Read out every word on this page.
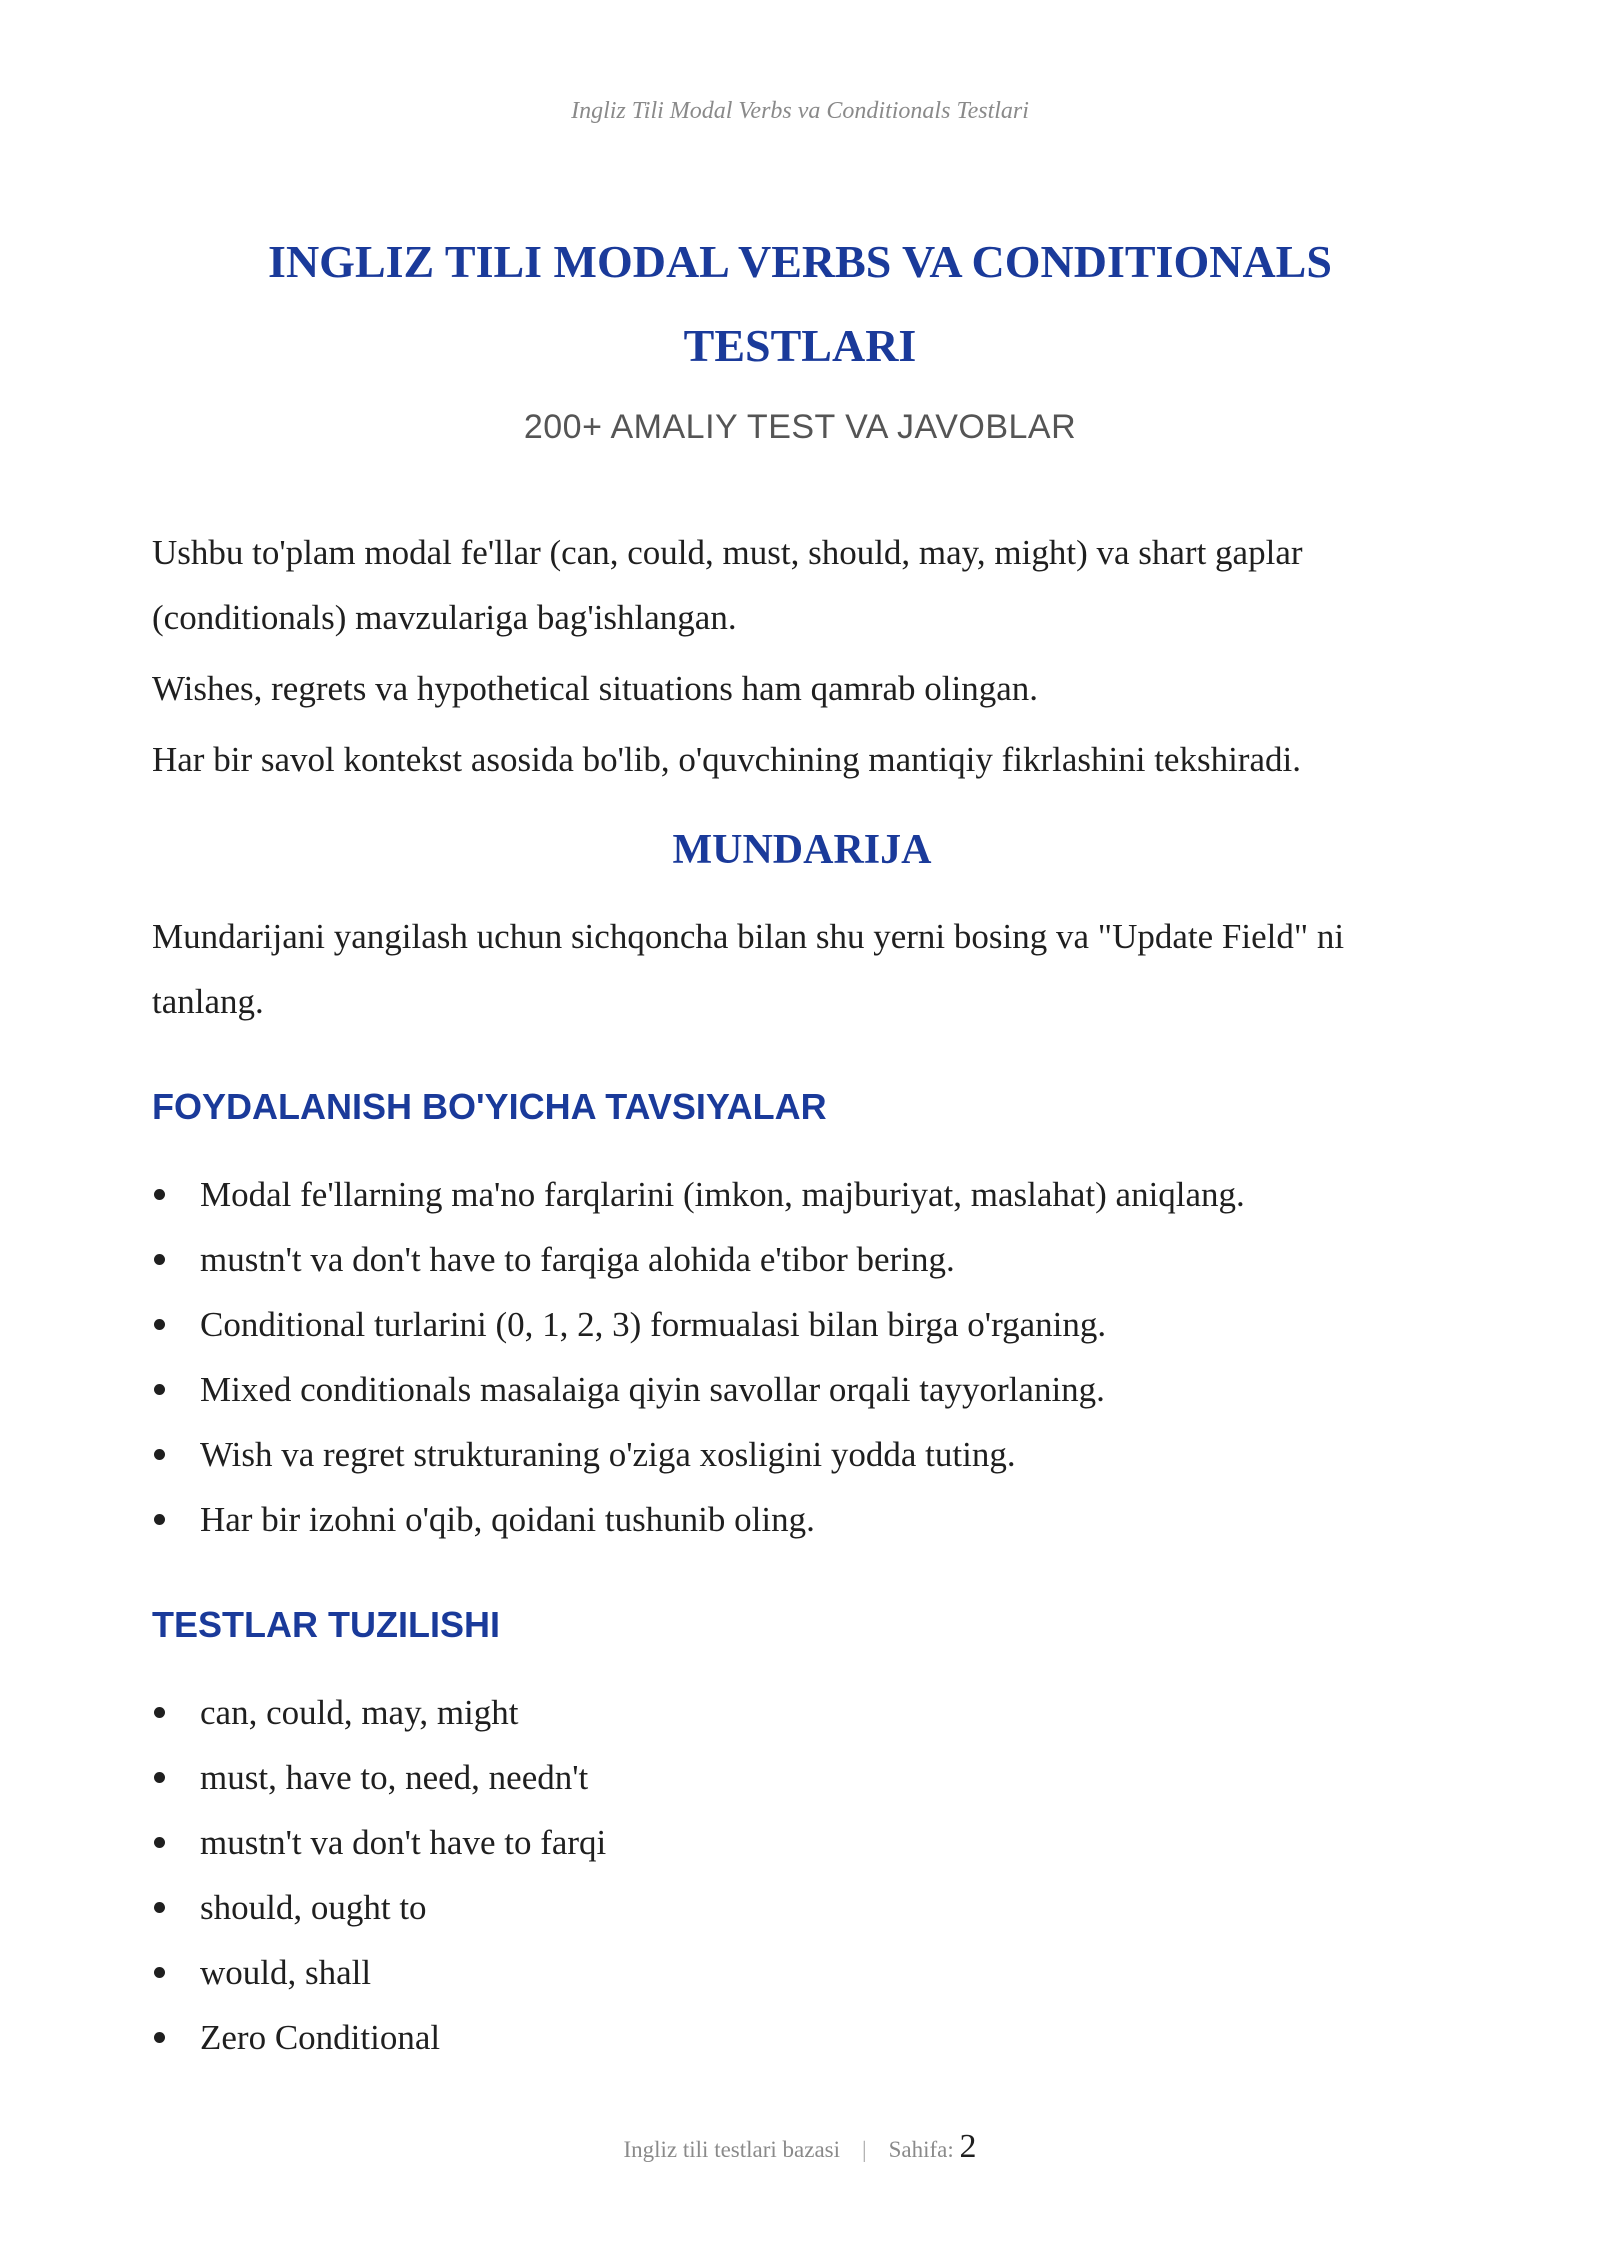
Ingliz Tili Modal Verbs va Conditionals Testlari
INGLIZ TILI MODAL VERBS VA CONDITIONALS
TESTLARI
200+ AMALIY TEST VA JAVOBLAR

Ushbu to'plam modal fe'llar (can, could, must, should, may, might) va shart gaplar (conditionals) mavzulariga bag'ishlangan.

Wishes, regrets va hypothetical situations ham qamrab olingan.

Har bir savol kontekst asosida bo'lib, o'quvchining mantiqiy fikrlashini tekshiradi.

MUNDARIJA

Mundarijani yangilash uchun sichqoncha bilan shu yerni bosing va "Update Field" ni tanlang.

FOYDALANISH BO'YICHA TAVSIYALAR
Modal fe'llarning ma'no farqlarini (imkon, majburiyat, maslahat) aniqlang.
mustn't va don't have to farqiga alohida e'tibor bering.
Conditional turlarini (0, 1, 2, 3) formualasi bilan birga o'rganing.
Mixed conditionals masalaiga qiyin savollar orqali tayyorlaning.
Wish va regret strukturaning o'ziga xosligini yodda tuting.
Har bir izohni o'qib, qoidani tushunib oling.
TESTLAR TUZILISHI
can, could, may, might
must, have to, need, needn't
mustn't va don't have to farqi
should, ought to
would, shall
Zero Conditional
Ingliz tili testlari bazasi | Sahifa: 2
